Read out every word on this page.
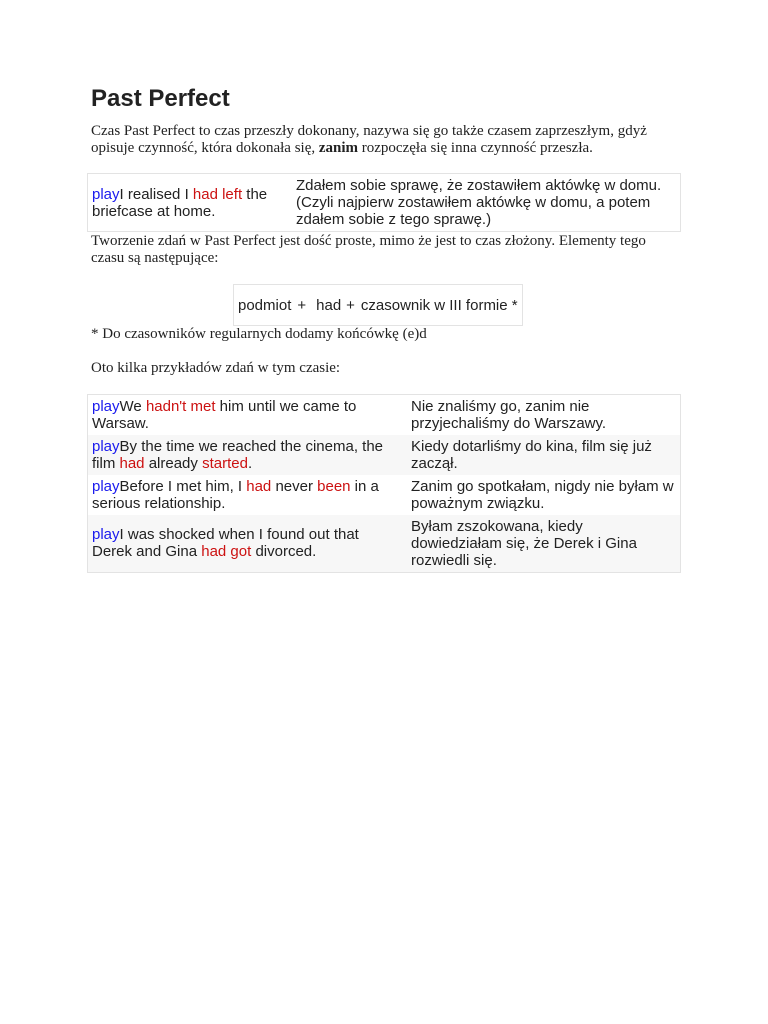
Past Perfect
Czas Past Perfect to czas przeszły dokonany, nazywa się go także czasem zaprzeszłym, gdyż opisuje czynność, która dokonała się, zanim rozpoczęła się inna czynność przeszła.
playI realised I had left the briefcase at home.	Zdałem sobie sprawę, że zostawiłem aktówkę w domu. (Czyli najpierw zostawiłem aktówkę w domu, a potem zdałem sobie z tego sprawę.)
Tworzenie zdań w Past Perfect jest dość proste, mimo że jest to czas złożony. Elementy tego czasu są następujące:
podmiot + had + czasownik w III formie *
* Do czasowników regularnych dodamy końcówkę (e)d
Oto kilka przykładów zdań w tym czasie:
playWe hadn't met him until we came to Warsaw.	Nie znaliśmy go, zanim nie przyjechaliśmy do Warszawy.
playBy the time we reached the cinema, the film had already started.	Kiedy dotarliśmy do kina, film się już zaczął.
playBefore I met him, I had never been in a serious relationship.	Zanim go spotkałam, nigdy nie byłam w poważnym związku.
playI was shocked when I found out that Derek and Gina had got divorced.	Byłam zszokowana, kiedy dowiedziałam się, że Derek i Gina rozwiedli się.
